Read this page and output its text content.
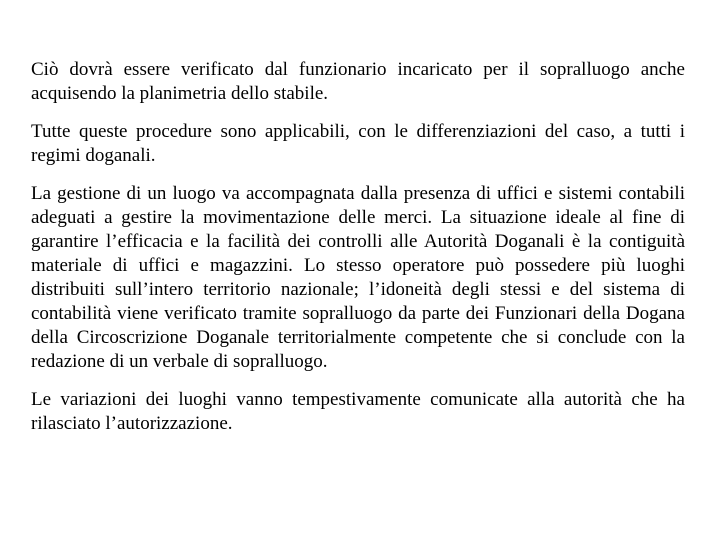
Ciò dovrà essere verificato dal funzionario incaricato per il sopralluogo anche acquisendo la planimetria dello stabile.

Tutte queste procedure sono applicabili, con le differenziazioni del caso, a tutti i regimi doganali.

La gestione di un luogo va accompagnata dalla presenza di uffici e sistemi contabili adeguati a gestire la movimentazione delle merci. La situazione ideale al fine di garantire l’efficacia e la facilità dei controlli alle Autorità Doganali è la contiguità materiale di uffici e magazzini. Lo stesso operatore può possedere più luoghi distribuiti sull’intero territorio nazionale; l’idoneità degli stessi e del sistema di contabilità viene verificato tramite sopralluogo da parte dei Funzionari della Dogana della Circoscrizione Doganale territorialmente competente che si conclude con la redazione di un verbale di sopralluogo.

Le variazioni dei luoghi vanno tempestivamente comunicate alla autorità che ha rilasciato l’autorizzazione.
